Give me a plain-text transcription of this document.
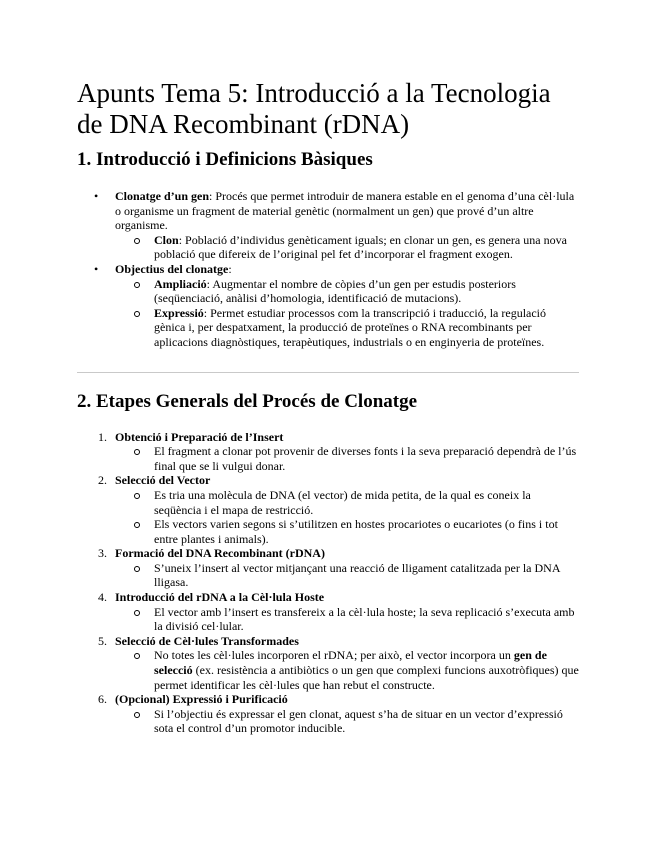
Apunts Tema 5: Introducció a la Tecnologia de DNA Recombinant (rDNA)
1. Introducció i Definicions Bàsiques
• Clonatge d’un gen: Procés que permet introduir de manera estable en el genoma d’una cèl·lula o organisme un fragment de material genètic (normalment un gen) que prové d’un altre organisme.
Clon: Població d’individus genèticament iguals; en clonar un gen, es genera una nova població que difereix de l’original pel fet d’incorporar el fragment exogen.
• Objectius del clonatge:
Ampliació: Augmentar el nombre de còpies d’un gen per estudis posteriors (seqüenciació, anàlisi d’homologia, identificació de mutacions).
Expressió: Permet estudiar processos com la transcripció i traducció, la regulació gènica i, per despatxament, la producció de proteïnes o RNA recombinants per aplicacions diagnòstiques, terapèutiques, industrials o en enginyeria de proteïnes.
2. Etapes Generals del Procés de Clonatge
1. Obtenció i Preparació de l’Insert
El fragment a clonar pot provenir de diverses fonts i la seva preparació dependrà de l’ús final que se li vulgui donar.
2. Selecció del Vector
Es tria una molècula de DNA (el vector) de mida petita, de la qual es coneix la seqüència i el mapa de restricció.
Els vectors varien segons si s’utilitzen en hostes procariotes o eucariotes (o fins i tot entre plantes i animals).
3. Formació del DNA Recombinant (rDNA)
S’uneix l’insert al vector mitjançant una reacció de lligament catalitzada per la DNA lligasa.
4. Introducció del rDNA a la Cèl·lula Hoste
El vector amb l’insert es transfereix a la cèl·lula hoste; la seva replicació s’executa amb la divisió cel·lular.
5. Selecció de Cèl·lules Transformades
No totes les cèl·lules incorporen el rDNA; per això, el vector incorpora un gen de selecció (ex. resistència a antibiòtics o un gen que complexi funcions auxotròfiques) que permet identificar les cèl·lules que han rebut el constructe.
6. (Opcional) Expressió i Purificació
Si l’objectiu és expressar el gen clonat, aquest s’ha de situar en un vector d’expressió sota el control d’un promotor inducible.
